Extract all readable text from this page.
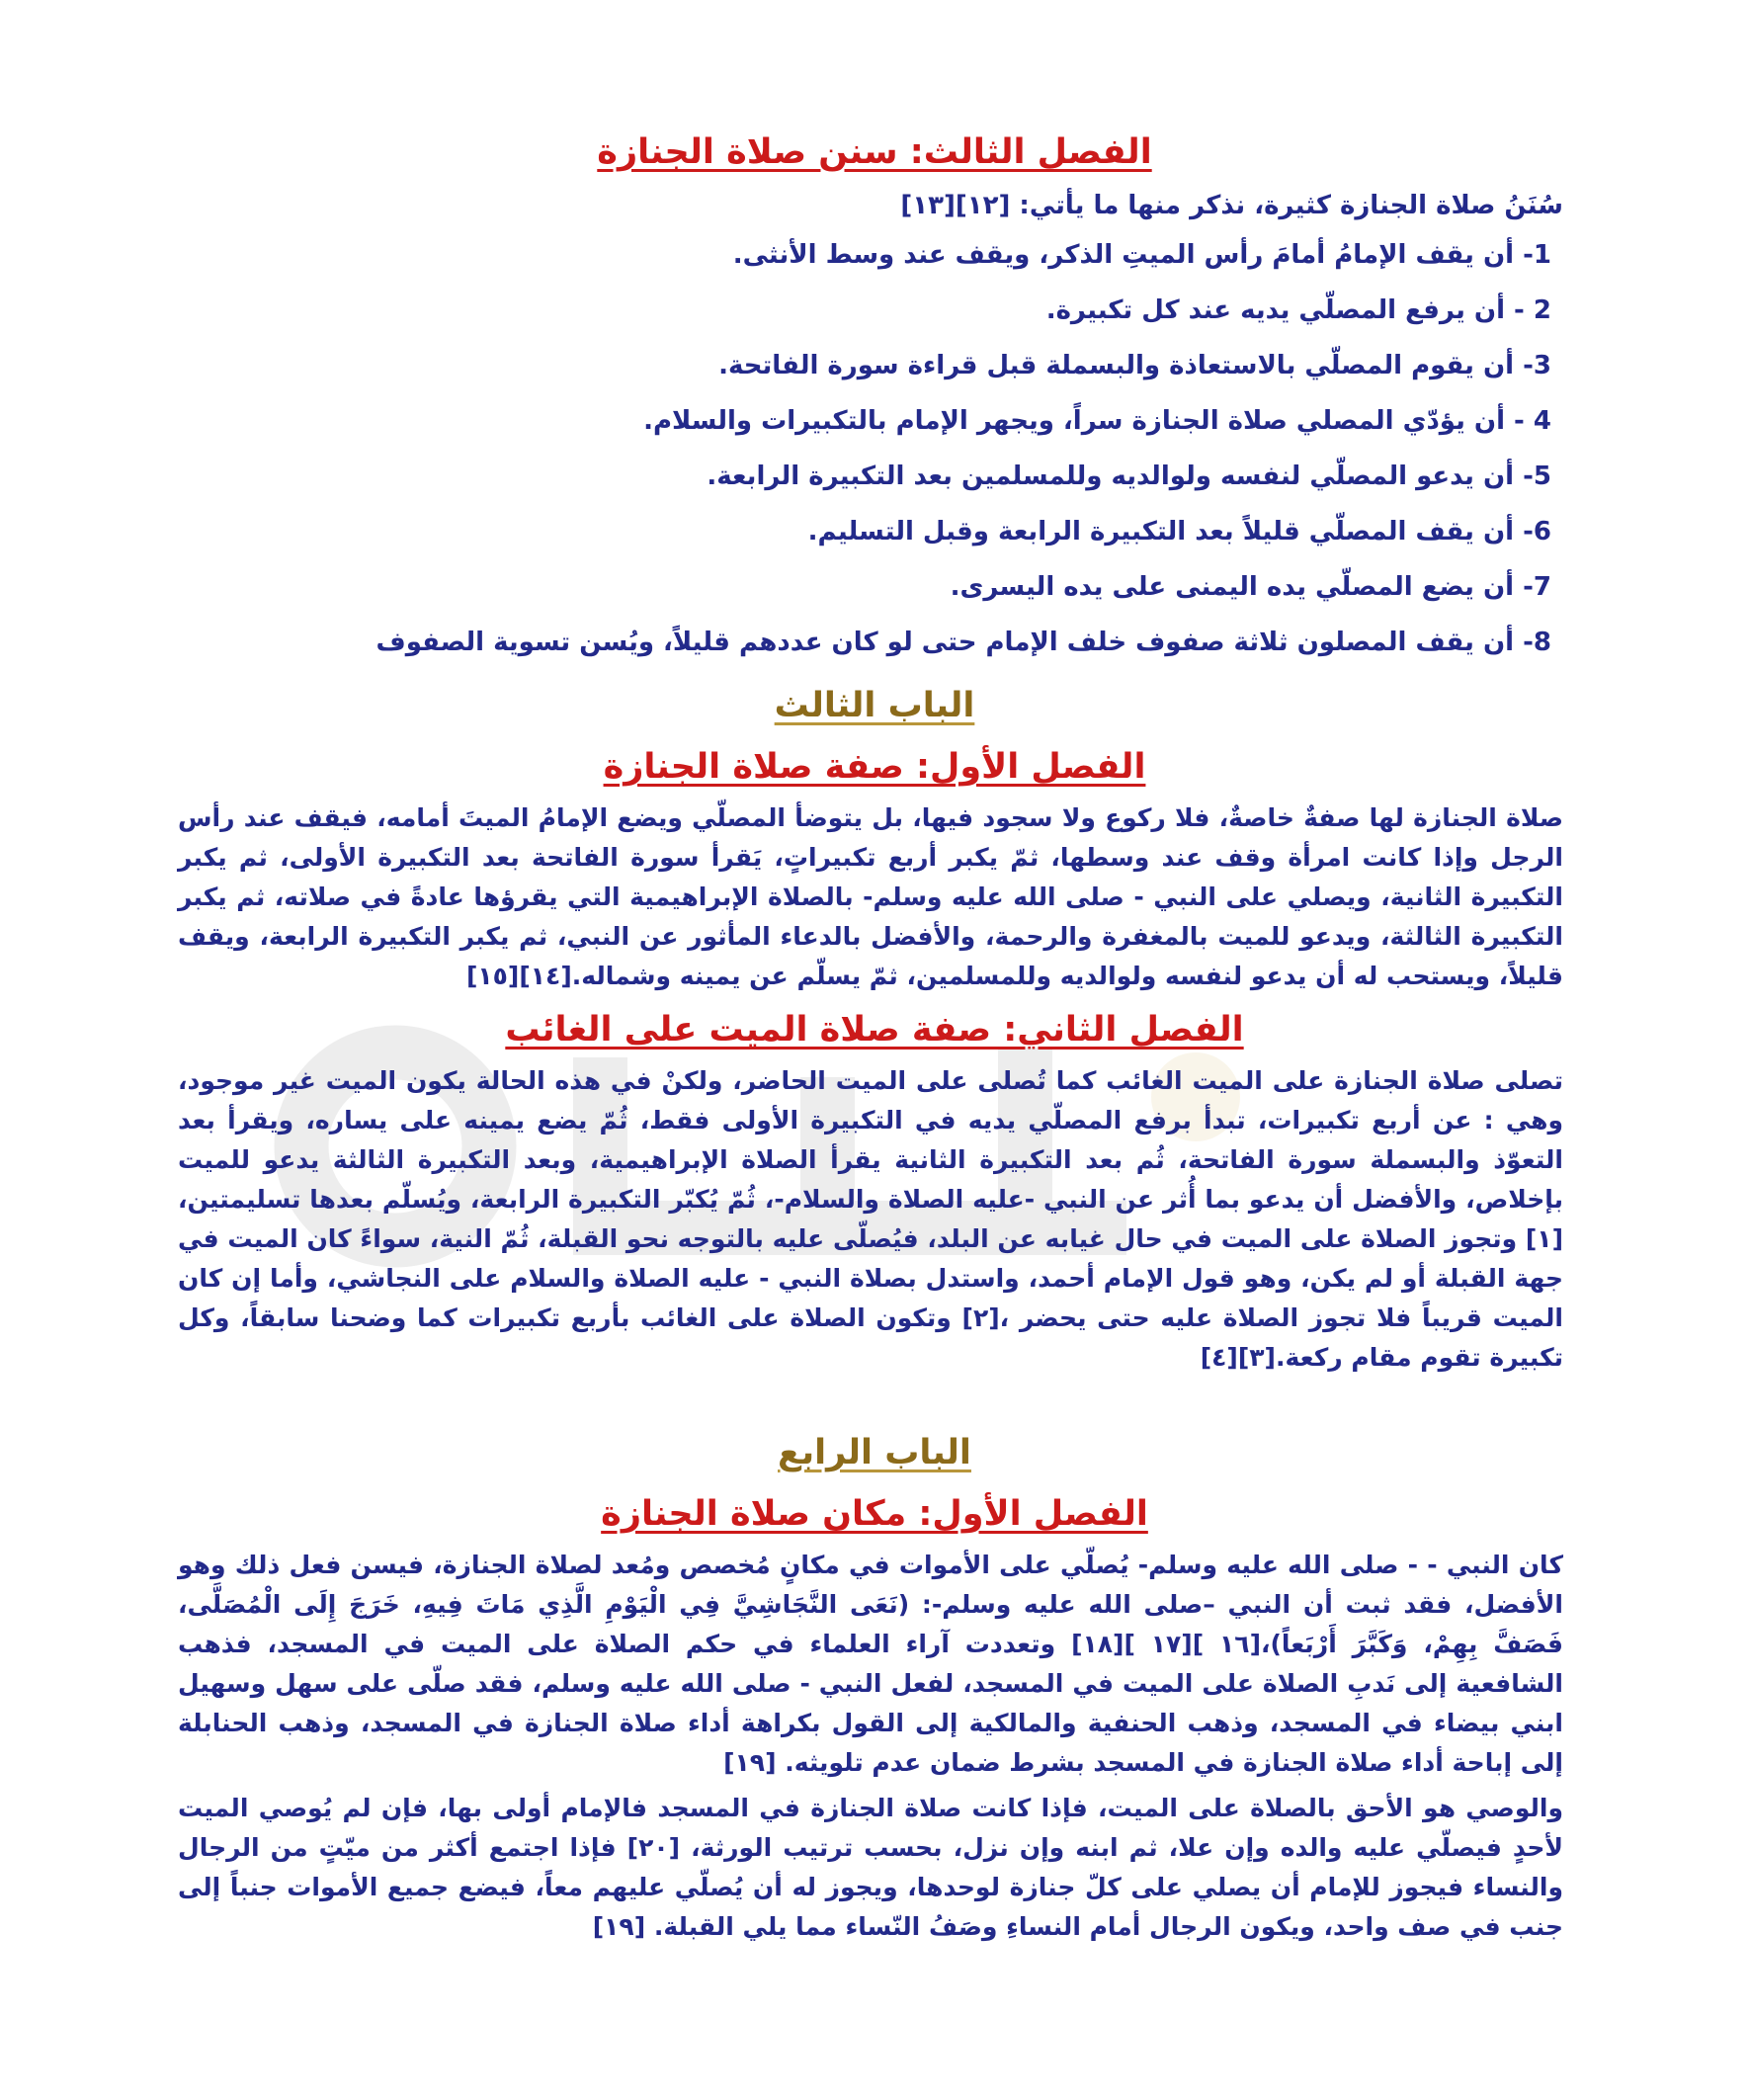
الفصل الثالث: سنن صلاة الجنازة

سُنَنُ صلاة الجنازة كثيرة، نذكر منها ما يأتي: [١٢][١٣]

1- أن يقف الإمامُ أمامَ رأس الميتِ الذكر، ويقف عند وسط الأنثى.
2 - أن يرفع المصلّي يديه عند كل تكبيرة.
3- أن يقوم المصلّي بالاستعاذة والبسملة قبل قراءة سورة الفاتحة.
4 - أن يؤدّي المصلي صلاة الجنازة سراً، ويجهر الإمام بالتكبيرات والسلام.
5- أن يدعو المصلّي لنفسه ولوالديه وللمسلمين بعد التكبيرة الرابعة.
6- أن يقف المصلّي قليلاً بعد التكبيرة الرابعة وقبل التسليم.
7- أن يضع المصلّي يده اليمنى على يده اليسرى.
8- أن يقف المصلون ثلاثة صفوف خلف الإمام حتى لو كان عددهم قليلاً، ويُسن تسوية الصفوف
الباب الثالث
الفصل الأول: صفة صلاة الجنازة

صلاة الجنازة لها صفةٌ خاصةٌ، فلا ركوع ولا سجود فيها، بل يتوضأ المصلّي ويضع الإمامُ الميتَ أمامه، فيقف عند رأس الرجل وإذا كانت امرأة وقف عند وسطها، ثمّ يكبر أربع تكبيراتٍ، يَقرأ سورة الفاتحة بعد التكبيرة الأولى، ثم يكبر التكبيرة الثانية، ويصلي على النبي - صلى الله عليه وسلم- بالصلاة الإبراهيمية التي يقرؤها عادةً في صلاته، ثم يكبر التكبيرة الثالثة، ويدعو للميت بالمغفرة والرحمة، والأفضل بالدعاء المأثور عن النبي، ثم يكبر التكبيرة الرابعة، ويقف قليلاً، ويستحب له أن يدعو لنفسه ولوالديه وللمسلمين، ثمّ يسلّم عن يمينه وشماله.[١٤][١٥]

الفصل الثاني: صفة صلاة الميت على الغائب

تصلى صلاة الجنازة على الميت الغائب كما تُصلى على الميت الحاضر، ولكنْ في هذه الحالة يكون الميت غير موجود، وهي : عن أربع تكبيرات، تبدأ برفع المصلّي يديه في التكبيرة الأولى فقط، ثُمّ يضع يمينه على يساره، ويقرأ بعد التعوّذ والبسملة سورة الفاتحة، ثُم بعد التكبيرة الثانية يقرأ الصلاة الإبراهيمية، وبعد التكبيرة الثالثة يدعو للميت بإخلاص، والأفضل أن يدعو بما أُثر عن النبي -عليه الصلاة والسلام-، ثُمّ يُكبّر التكبيرة الرابعة، ويُسلّم بعدها تسليمتين،[١] وتجوز الصلاة على الميت في حال غيابه عن البلد، فيُصلّى عليه بالتوجه نحو القبلة، ثُمّ النية، سواءً كان الميت في جهة القبلة أو لم يكن، وهو قول الإمام أحمد، واستدل بصلاة النبي - عليه الصلاة والسلام على النجاشي، وأما إن كان الميت قريباً فلا تجوز الصلاة عليه حتى يحضر ،[٢] وتكون الصلاة على الغائب بأربع تكبيرات كما وضحنا سابقاً، وكل تكبيرة تقوم مقام ركعة.[٣][٤]

الباب الرابع
الفصل الأول: مكان صلاة الجنازة

كان النبي - - صلى الله عليه وسلم- يُصلّي على الأموات في مكانٍ مُخصص ومُعد لصلاة الجنازة، فيسن فعل ذلك وهو الأفضل، فقد ثبت أن النبي –صلى الله عليه وسلم-: (نَعَى النَّجَاشِيَّ فِي الْيَوْمِ الَّذِي مَاتَ فِيهِ، خَرَجَ إِلَى الْمُصَلَّى، فَصَفَّ بِهِمْ، وَكَبَّرَ أَرْبَعاً)،[١٦ ][١٧ ][١٨] وتعددت آراء العلماء في حكم الصلاة على الميت في المسجد، فذهب الشافعية إلى نَدبِ الصلاة على الميت في المسجد، لفعل النبي - صلى الله عليه وسلم، فقد صلّى على سهل وسهيل ابني بيضاء في المسجد، وذهب الحنفية والمالكية إلى القول بكراهة أداء صلاة الجنازة في المسجد، وذهب الحنابلة إلى إباحة أداء صلاة الجنازة في المسجد بشرط ضمان عدم تلويثه. [١٩]

والوصي هو الأحق بالصلاة على الميت، فإذا كانت صلاة الجنازة في المسجد فالإمام أولى بها، فإن لم يُوصي الميت لأحدٍ فيصلّي عليه والده وإن علا، ثم ابنه وإن نزل، بحسب ترتيب الورثة، [٢٠] فإذا اجتمع أكثر من ميّتٍ من الرجال والنساء فيجوز للإمام أن يصلي على كلّ جنازة لوحدها، ويجوز له أن يُصلّي عليهم معاً، فيضع جميع الأموات جنباً إلى جنب في صف واحد، ويكون الرجال أمام النساءِ وصَفُ النّساء مما يلي القبلة. [١٩]
